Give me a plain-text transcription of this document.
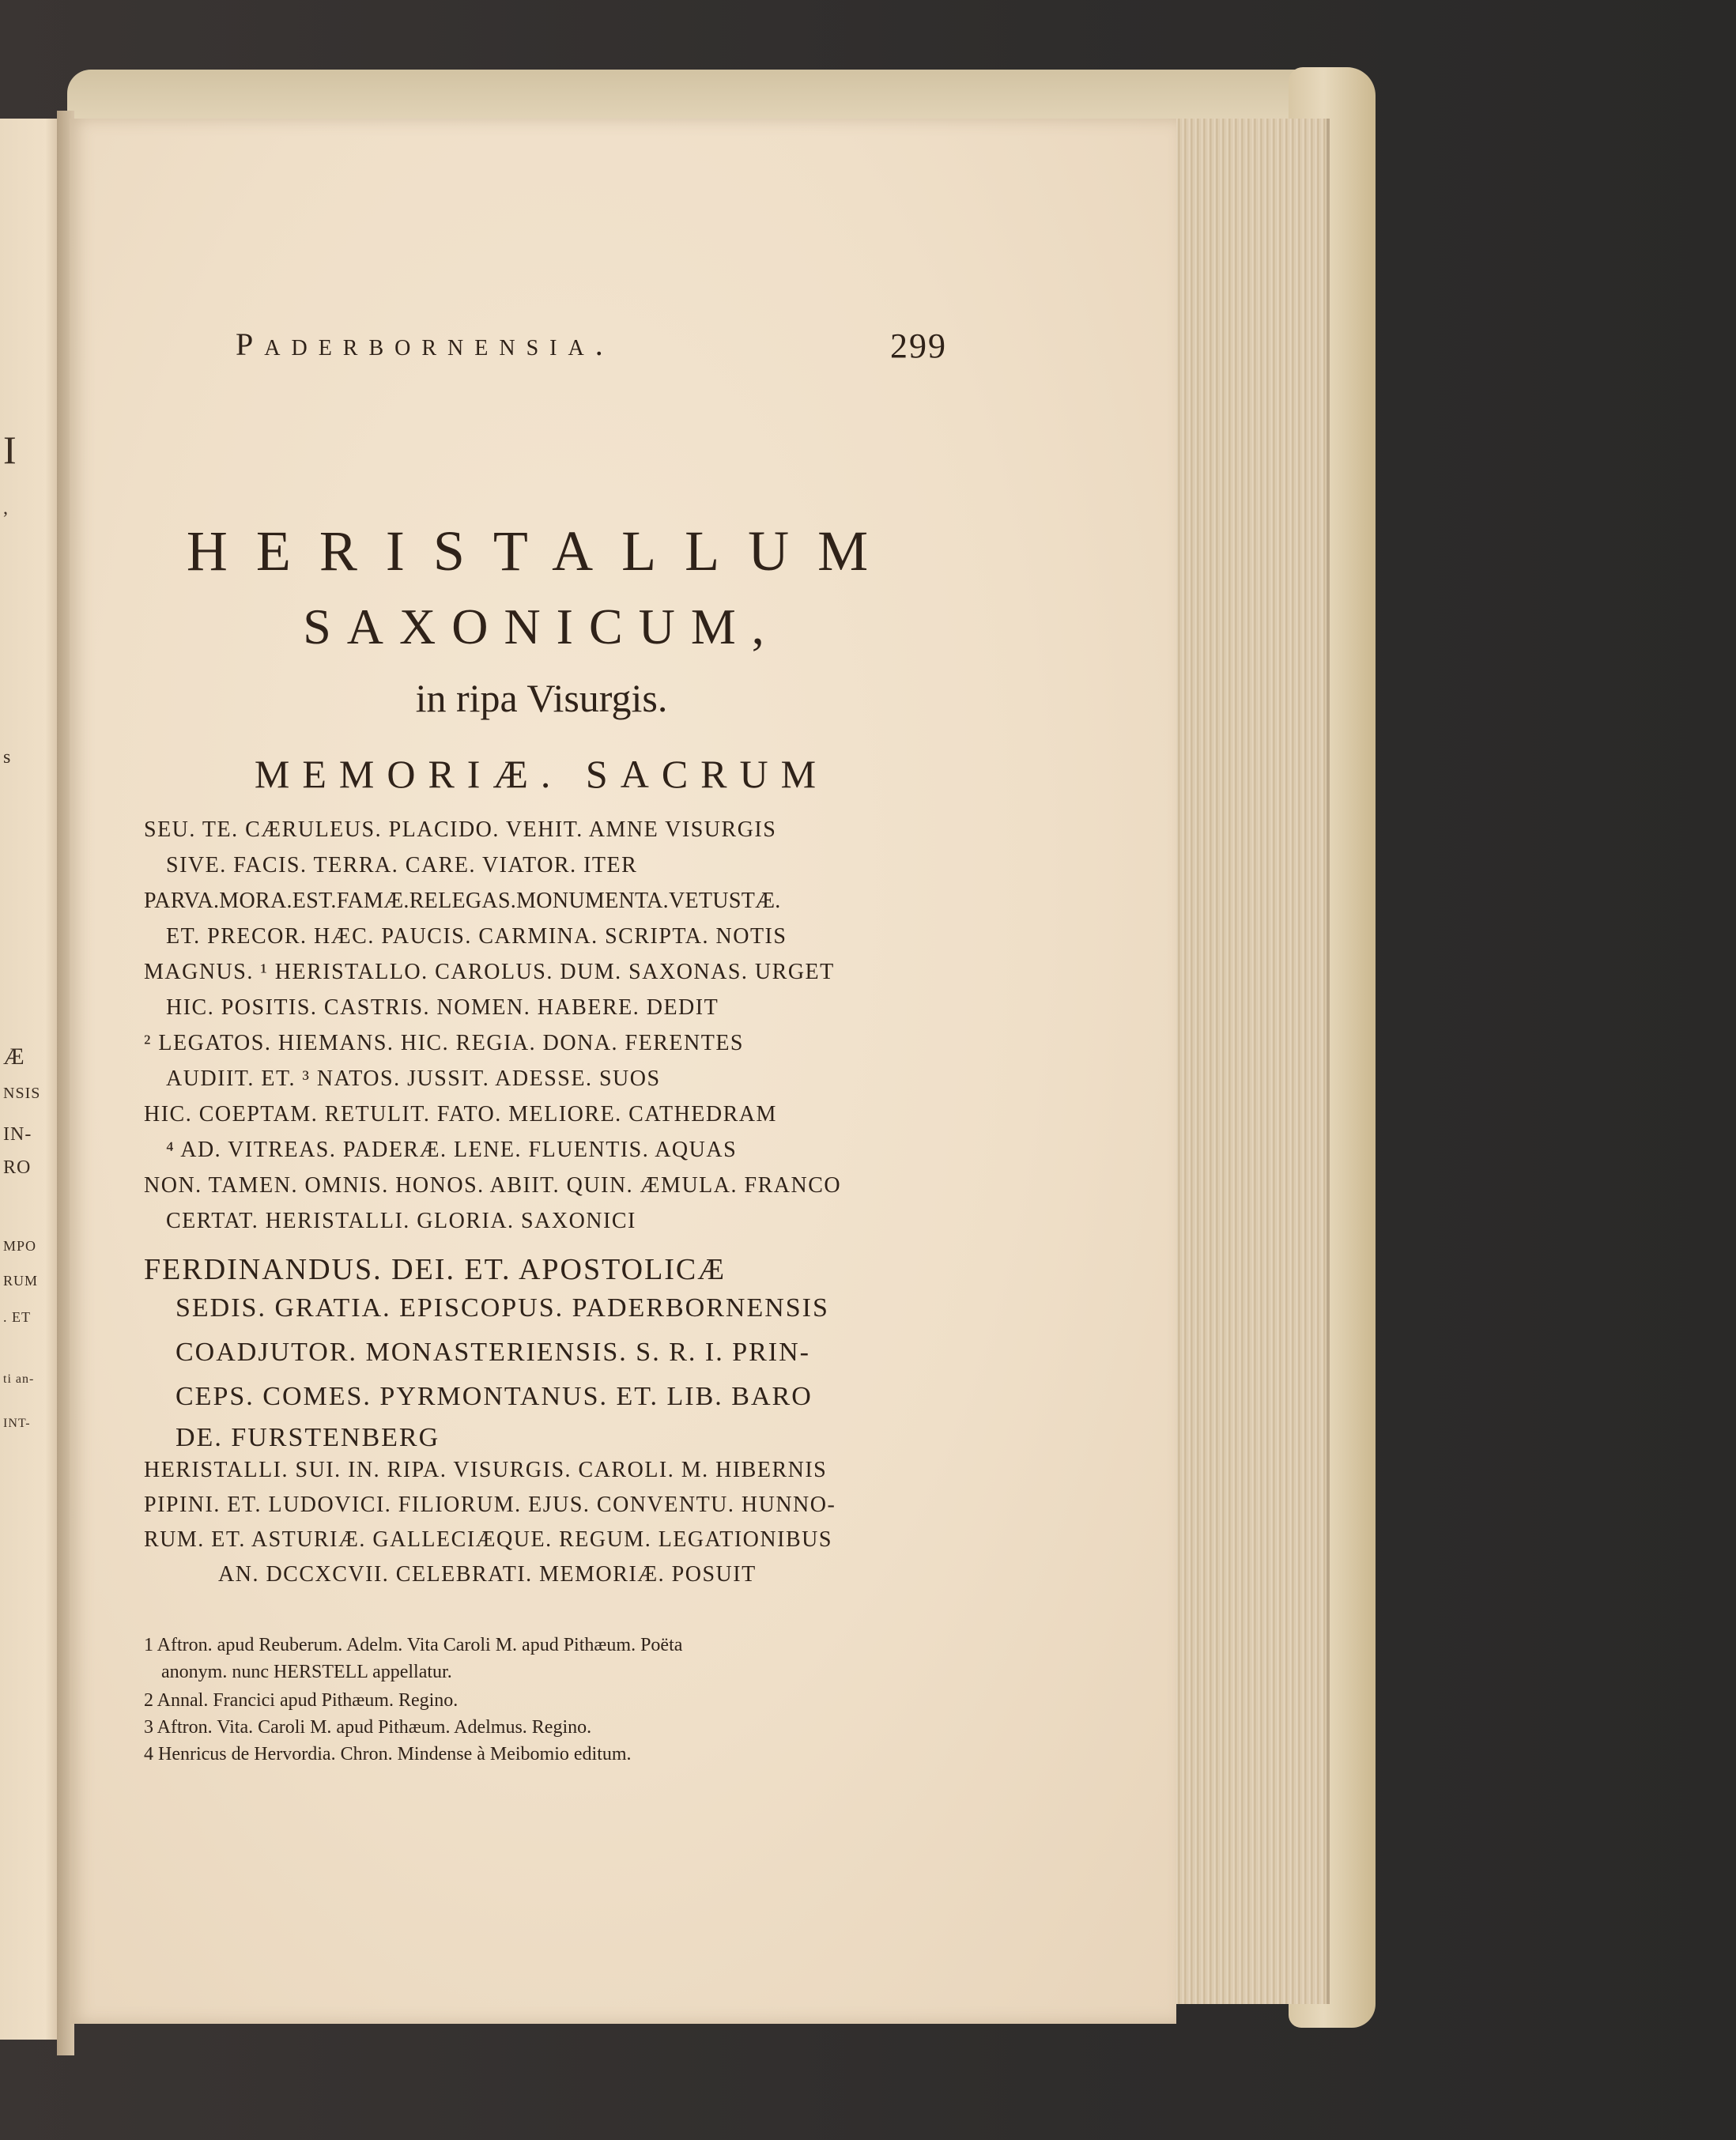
I
,
s
Æ
NSIS
IN-
RO
MPO
RUM
. ET
ti an-
INT-
Paderbornensia.	299
HERISTALLUM
SAXONICUM,
in ripa Visurgis.
MEMORIÆ. SACRUM
SEU. TE. CÆRULEUS. PLACIDO. VEHIT. AMNE VISURGIS
SIVE. FACIS. TERRA. CARE. VIATOR. ITER
PARVA.MORA.EST.FAMÆ.RELEGAS.MONUMENTA.VETUSTÆ.
ET. PRECOR. HÆC. PAUCIS. CARMINA. SCRIPTA. NOTIS
MAGNUS. ¹ HERISTALLO. CAROLUS. DUM. SAXONAS. URGET
HIC. POSITIS. CASTRIS. NOMEN. HABERE. DEDIT
² LEGATOS. HIEMANS. HIC. REGIA. DONA. FERENTES
AUDIIT. ET. ³ NATOS. JUSSIT. ADESSE. SUOS
HIC. COEPTAM. RETULIT. FATO. MELIORE. CATHEDRAM
⁴ AD. VITREAS. PADERÆ. LENE. FLUENTIS. AQUAS
NON. TAMEN. OMNIS. HONOS. ABIIT. QUIN. ÆMULA. FRANCO
CERTAT. HERISTALLI. GLORIA. SAXONICI
FERDINANDUS. DEI. ET. APOSTOLICÆ
SEDIS. GRATIA. EPISCOPUS. PADERBORNENSIS
COADJUTOR. MONASTERIENSIS. S. R. I. PRIN-
CEPS. COMES. PYRMONTANUS. ET. LIB. BARO
DE. FURSTENBERG
HERISTALLI. SUI. IN. RIPA. VISURGIS. CAROLI. M. HIBERNIS
PIPINI. ET. LUDOVICI. FILIORUM. EJUS. CONVENTU. HUNNO-
RUM. ET. ASTURIÆ. GALLECIÆQUE. REGUM. LEGATIONIBUS
AN. DCCXCVII. CELEBRATI. MEMORIÆ. POSUIT
1 Aftron. apud Reuberum. Adelm. Vita Caroli M. apud Pithæum. Poëta
anonym. nunc HERSTELL appellatur.
2 Annal. Francici apud Pithæum. Regino.
3 Aftron. Vita. Caroli M. apud Pithæum. Adelmus. Regino.
4 Henricus de Hervordia. Chron. Mindense à Meibomio editum.
